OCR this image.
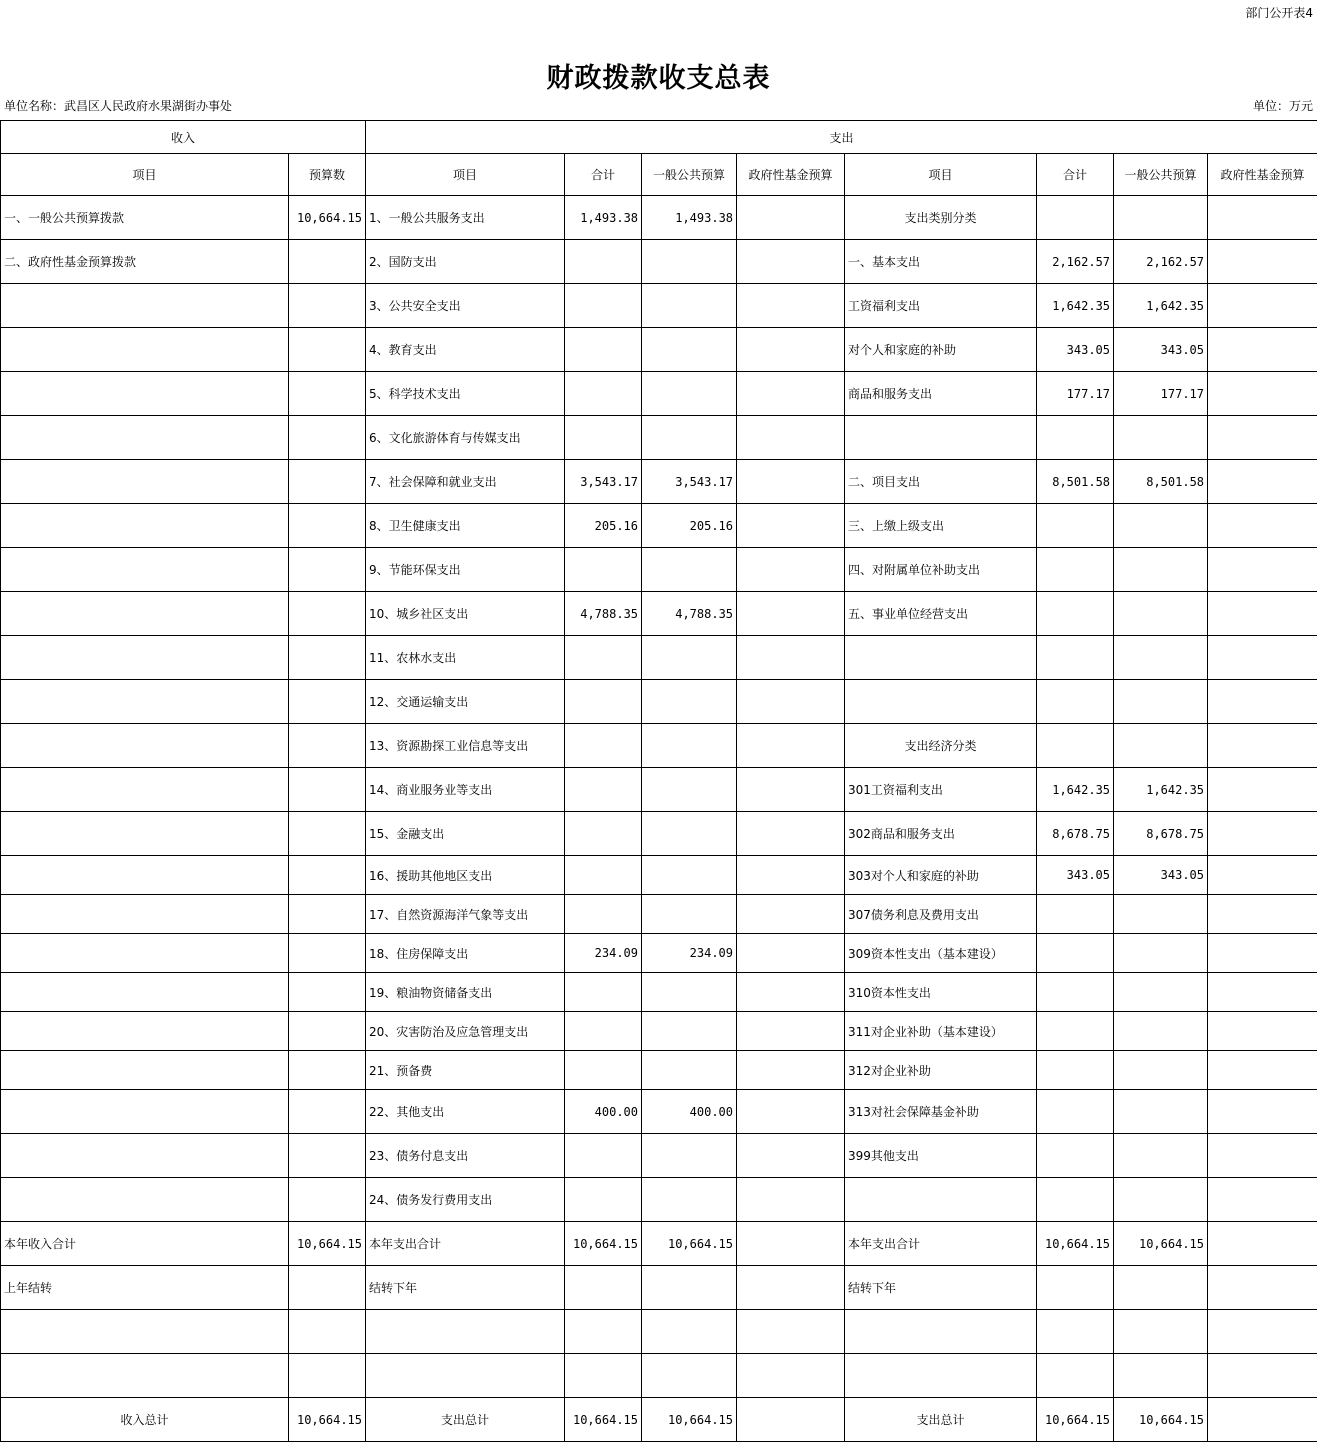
部门公开表4
财政拨款收支总表
单位名称：武昌区人民政府水果湖街办事处	单位：万元
收入		支出							
项目	预算数	项目	合计	一般公共预算	政府性基金预算	项目	合计	一般公共预算	政府性基金预算
一、一般公共预算拨款	10,664.15	1、一般公共服务支出	1,493.38	1,493.38		支出类别分类			
二、政府性基金预算拨款		2、国防支出				一、基本支出	2,162.57	2,162.57	
		3、公共安全支出				工资福利支出	1,642.35	1,642.35	
		4、教育支出				对个人和家庭的补助	343.05	343.05	
		5、科学技术支出				商品和服务支出	177.17	177.17	
		6、文化旅游体育与传媒支出							
		7、社会保障和就业支出	3,543.17	3,543.17		二、项目支出	8,501.58	8,501.58	
		8、卫生健康支出	205.16	205.16		三、上缴上级支出			
		9、节能环保支出				四、对附属单位补助支出			
		10、城乡社区支出	4,788.35	4,788.35		五、事业单位经营支出			
		11、农林水支出							
		12、交通运输支出							
		13、资源勘探工业信息等支出				支出经济分类			
		14、商业服务业等支出				301工资福利支出	1,642.35	1,642.35	
		15、金融支出				302商品和服务支出	8,678.75	8,678.75	
		16、援助其他地区支出				303对个人和家庭的补助	343.05	343.05	
		17、自然资源海洋气象等支出				307债务利息及费用支出			
		18、住房保障支出	234.09	234.09		309资本性支出（基本建设）			
		19、粮油物资储备支出				310资本性支出			
		20、灾害防治及应急管理支出				311对企业补助（基本建设）			
		21、预备费				312对企业补助			
		22、其他支出	400.00	400.00		313对社会保障基金补助			
		23、债务付息支出				399其他支出			
		24、债务发行费用支出							
本年收入合计	10,664.15	本年支出合计	10,664.15	10,664.15		本年支出合计	10,664.15	10,664.15	
上年结转		结转下年				结转下年			

收入总计	10,664.15	支出总计	10,664.15	10,664.15		支出总计	10,664.15	10,664.15	
